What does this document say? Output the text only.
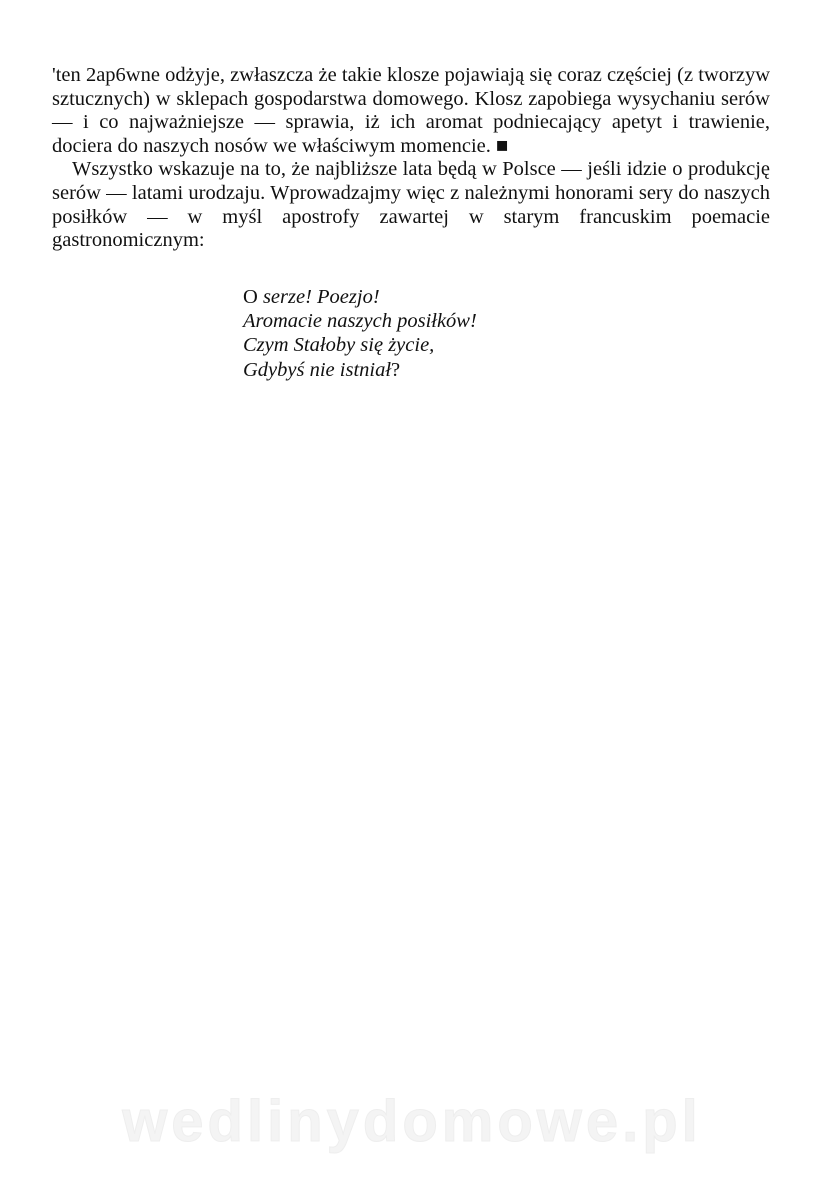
'ten 2ap6wne odżyje, zwłaszcza że takie klosze pojawiają się coraz częściej (z tworzyw sztucznych) w sklepach gospodarstwa domowego. Klosz zapobiega wysychaniu serów — i co najważniejsze — sprawia, iż ich aromat podniecający apetyt i trawienie, dociera do naszych nosów we właściwym momencie. ■

Wszystko wskazuje na to, że najbliższe lata będą w Polsce — jeśli idzie o produkcję serów — latami urodzaju. Wprowadzajmy więc z należnymi honorami sery do naszych posiłków — w myśl apostrofy zawartej w starym francuskim poemacie gastronomicznym:

O serze! Poezjo!
Aromacie naszych posiłków!
Czym Stałoby się życie,
Gdybyś nie istniał?
wedlinydomowe.pl
